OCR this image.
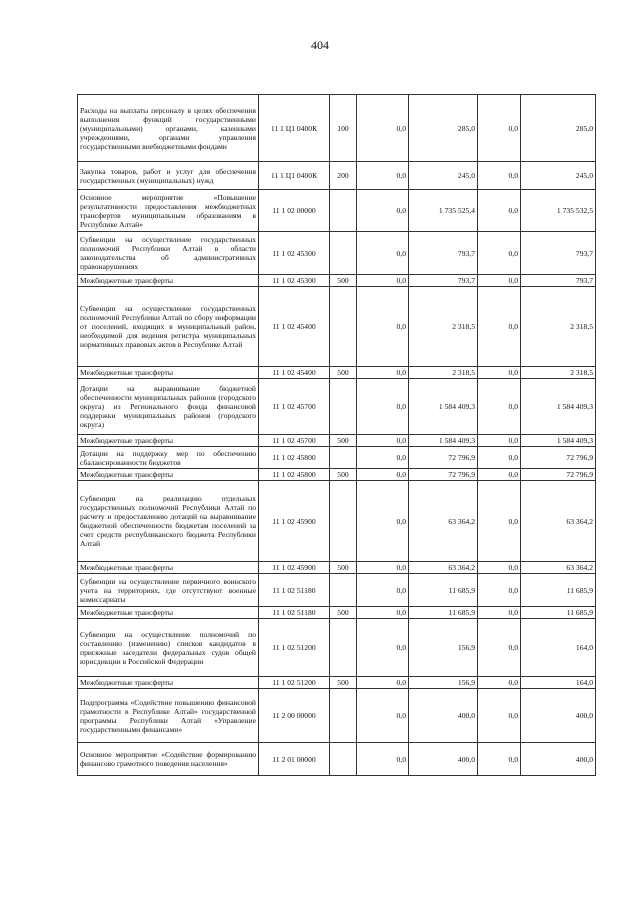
404
Расходы на выплаты персоналу в целях обеспечения выполнения функций государственными (муниципальными) органами, казенными учреждениями, органами управления государственными внебюджетными фондами	11 1 Ц1 0400К	100	0,0	285,0	0,0	285,0
Закупка товаров, работ и услуг для обеспечения государственных (муниципальных) нужд	11 1 Ц1 0400К	200	0,0	245,0	0,0	245,0
Основное мероприятие «Повышение результативности предоставления межбюджетных трансфертов муниципальным образованиям в Республике Алтай»	11 1 02 00000		0,0	1 735 525,4	0,0	1 735 532,5
Субвенции на осуществление государственных полномочий Республики Алтай в области законодательства об административных правонарушениях	11 1 02 45300		0,0	793,7	0,0	793,7
Межбюджетные трансферты	11 1 02 45300	500	0,0	793,7	0,0	793,7
Субвенции на осуществление государственных полномочий Республики Алтай по сбору информации от поселений, входящих в муниципальный район, необходимой для ведения регистра муниципальных нормативных правовых актов в Республике Алтай	11 1 02 45400		0,0	2 318,5	0,0	2 318,5
Межбюджетные трансферты	11 1 02 45400	500	0,0	2 318,5	0,0	2 318,5
Дотации на выравнивание бюджетной обеспеченности муниципальных районов (городского округа) из Регионального фонда финансовой поддержки муниципальных районов (городского округа)	11 1 02 45700		0,0	1 584 409,3	0,0	1 584 409,3
Межбюджетные трансферты	11 1 02 45700	500	0,0	1 584 409,3	0,0	1 584 409,3
Дотации на поддержку мер по обеспечению сбалансированности бюджетов	11 1 02 45800		0,0	72 796,9	0,0	72 796,9
Межбюджетные трансферты	11 1 02 45800	500	0,0	72 796,9	0,0	72 796,9
Субвенции на реализацию отдельных государственных полномочий Республики Алтай по расчету и предоставлению дотаций на выравнивание бюджетной обеспеченности бюджетам поселений за счет средств республиканского бюджета Республики Алтай	11 1 02 45900		0,0	63 364,2	0,0	63 364,2
Межбюджетные трансферты	11 1 02 45900	500	0,0	63 364,2	0,0	63 364,2
Субвенции на осуществление первичного воинского учета на территориях, где отсутствуют военные комиссариаты	11 1 02 51180		0,0	11 685,9	0,0	11 685,9
Межбюджетные трансферты	11 1 02 51180	500	0,0	11 685,9	0,0	11 685,9
Субвенции на осуществление полномочий по составлению (изменению) списков кандидатов в присяжные заседатели федеральных судов общей юрисдикции в Российской Федерации	11 1 02 51200		0,0	156,9	0,0	164,0
Межбюджетные трансферты	11 1 02 51200	500	0,0	156,9	0,0	164,0
Подпрограмма «Содействие повышению финансовой грамотности в Республике Алтай» государственной программы Республики Алтай «Управление государственными финансами»	11 2 00 00000		0,0	400,0	0,0	400,0
Основное мероприятие «Содействие формированию финансово грамотного поведения населения»	11 2 01 00000		0,0	400,0	0,0	400,0
